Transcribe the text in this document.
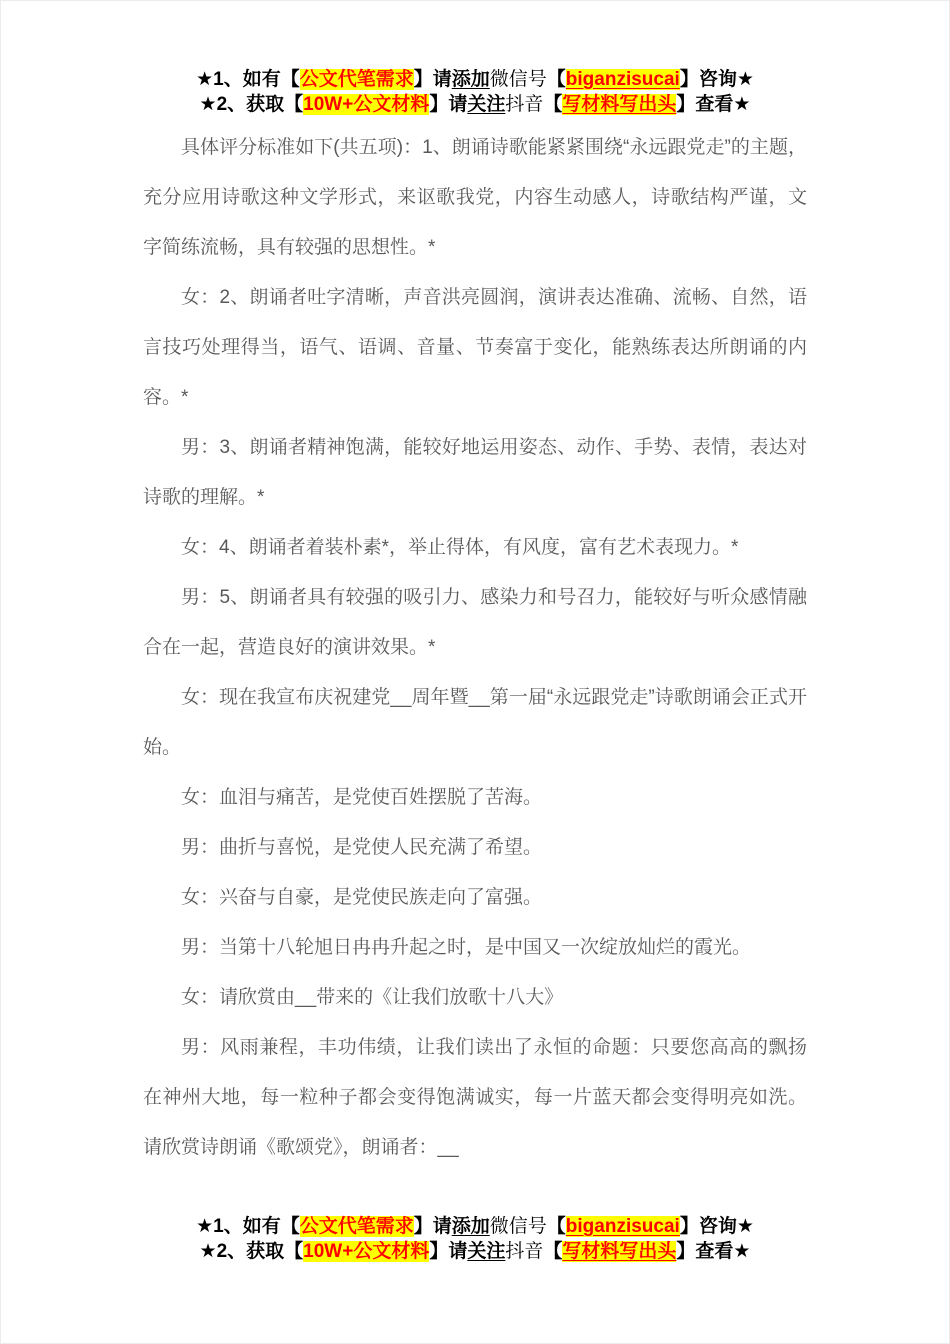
★1、如有【公文代笔需求】请添加微信号【biganzisucai】咨询★
★2、获取【10W+公文材料】请关注抖音【写材料写出头】查看★

具体评分标准如下(共五项)：1、朗诵诗歌能紧紧围绕“永远跟党走”的主题，充分应用诗歌这种文学形式，来讴歌我党，内容生动感人，诗歌结构严谨，文字简练流畅，具有较强的思想性。*

女：2、朗诵者吐字清晰，声音洪亮圆润，演讲表达准确、流畅、自然，语言技巧处理得当，语气、语调、音量、节奏富于变化，能熟练表达所朗诵的内容。*

男：3、朗诵者精神饱满，能较好地运用姿态、动作、手势、表情，表达对诗歌的理解。*

女：4、朗诵者着装朴素*，举止得体，有风度，富有艺术表现力。*

男：5、朗诵者具有较强的吸引力、感染力和号召力，能较好与听众感情融合在一起，营造良好的演讲效果。*

女：现在我宣布庆祝建党__周年暨__第一届“永远跟党走”诗歌朗诵会正式开始。

女：血泪与痛苦，是党使百姓摆脱了苦海。

男：曲折与喜悦，是党使人民充满了希望。

女：兴奋与自豪，是党使民族走向了富强。

男：当第十八轮旭日冉冉升起之时，是中国又一次绽放灿烂的霞光。

女：请欣赏由__带来的《让我们放歌十八大》

男：风雨兼程，丰功伟绩，让我们读出了永恒的命题：只要您高高的飘扬在神州大地，每一粒种子都会变得饱满诚实，每一片蓝天都会变得明亮如洗。请欣赏诗朗诵《歌颂党》，朗诵者：__

★1、如有【公文代笔需求】请添加微信号【biganzisucai】咨询★
★2、获取【10W+公文材料】请关注抖音【写材料写出头】查看★
